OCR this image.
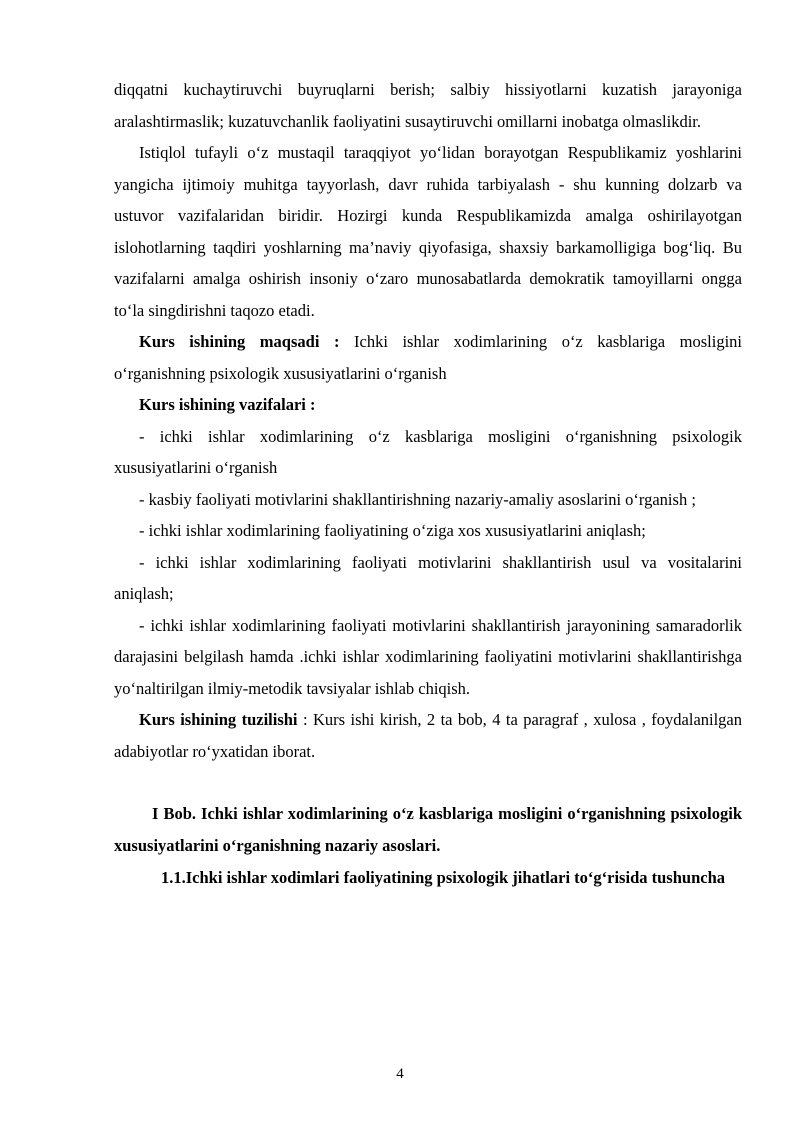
diqqatni kuchaytiruvchi buyruqlarni berish; salbiy hissiyotlarni kuzatish jarayoniga aralashtirmaslik; kuzatuvchanlik faoliyatini susaytiruvchi omillarni inobatga olmaslikdir.

Istiqlol tufayli o‘z mustaqil taraqqiyot yo‘lidan borayotgan Respublikamiz yoshlarini yangicha ijtimoiy muhitga tayyorlash, davr ruhida tarbiyalash - shu kunning dolzarb va ustuvor vazifalaridan biridir. Hozirgi kunda Respublikamizda amalga oshirilayotgan islohotlarning taqdiri yoshlarning ma’naviy qiyofasiga, shaxsiy barkamolligiga bog‘liq. Bu vazifalarni amalga oshirish insoniy o‘zaro munosabatlarda demokratik tamoyillarni ongga to‘la singdirishni taqozo etadi.

Kurs ishining maqsadi : Ichki ishlar xodimlarining o‘z kasblariga mosligini o‘rganishning psixologik xususiyatlarini o‘rganish

Kurs ishining vazifalari :

- ichki ishlar xodimlarining o‘z kasblariga mosligini o‘rganishning psixologik xususiyatlarini o‘rganish

- kasbiy faoliyati motivlarini shakllantirishning nazariy-amaliy asoslarini o‘rganish ;

- ichki ishlar xodimlarining faoliyatining o‘ziga xos xususiyatlarini aniqlash;

- ichki ishlar xodimlarining faoliyati motivlarini shakllantirish usul va vositalarini aniqlash;

- ichki ishlar xodimlarining faoliyati motivlarini shakllantirish jarayonining samaradorlik darajasini belgilash hamda .ichki ishlar xodimlarining faoliyatini motivlarini shakllantirishga yo‘naltirilgan ilmiy-metodik tavsiyalar ishlab chiqish.

Kurs ishining tuzilishi : Kurs ishi kirish, 2 ta bob, 4 ta paragraf , xulosa , foydalanilgan adabiyotlar ro‘yxatidan iborat.

I Bob. Ichki ishlar xodimlarining o‘z kasblariga mosligini o‘rganishning psixologik xususiyatlarini o‘rganishning nazariy asoslari.

1.1.Ichki ishlar xodimlari faoliyatining psixologik jihatlari to‘g‘risida tushuncha

4
